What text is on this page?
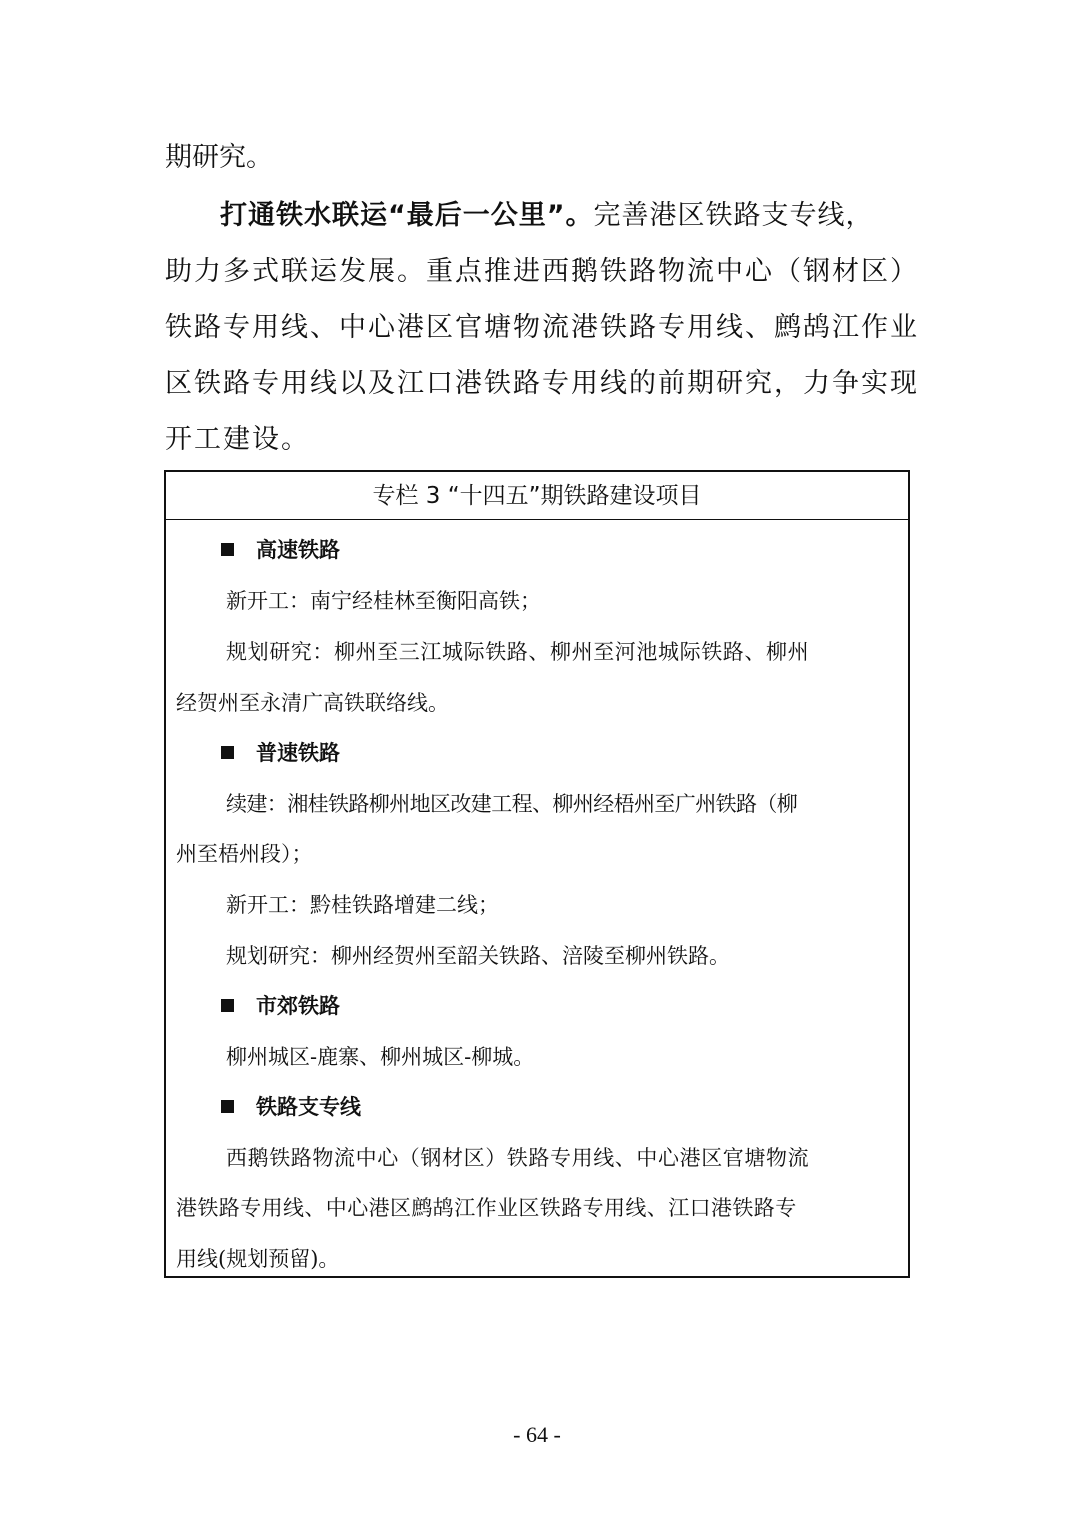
期研究。
打通铁水联运“最后一公里”。完善港区铁路支专线，
助力多式联运发展。重点推进西鹅铁路物流中心（钢材区）
铁路专用线、中心港区官塘物流港铁路专用线、鹧鸪江作业
区铁路专用线以及江口港铁路专用线的前期研究，力争实现
开工建设。
专栏 3 “十四五”期铁路建设项目
高速铁路
新开工：南宁经桂林至衡阳高铁；
规划研究：柳州至三江城际铁路、柳州至河池城际铁路、柳州
经贺州至永清广高铁联络线。
普速铁路
续建：湘桂铁路柳州地区改建工程、柳州经梧州至广州铁路（柳
州至梧州段）；
新开工：黔桂铁路增建二线；
规划研究：柳州经贺州至韶关铁路、涪陵至柳州铁路。
市郊铁路
柳州城区-鹿寨、柳州城区-柳城。
铁路支专线
西鹅铁路物流中心（钢材区）铁路专用线、中心港区官塘物流
港铁路专用线、中心港区鹧鸪江作业区铁路专用线、江口港铁路专
用线(规划预留)。
- 64 -
